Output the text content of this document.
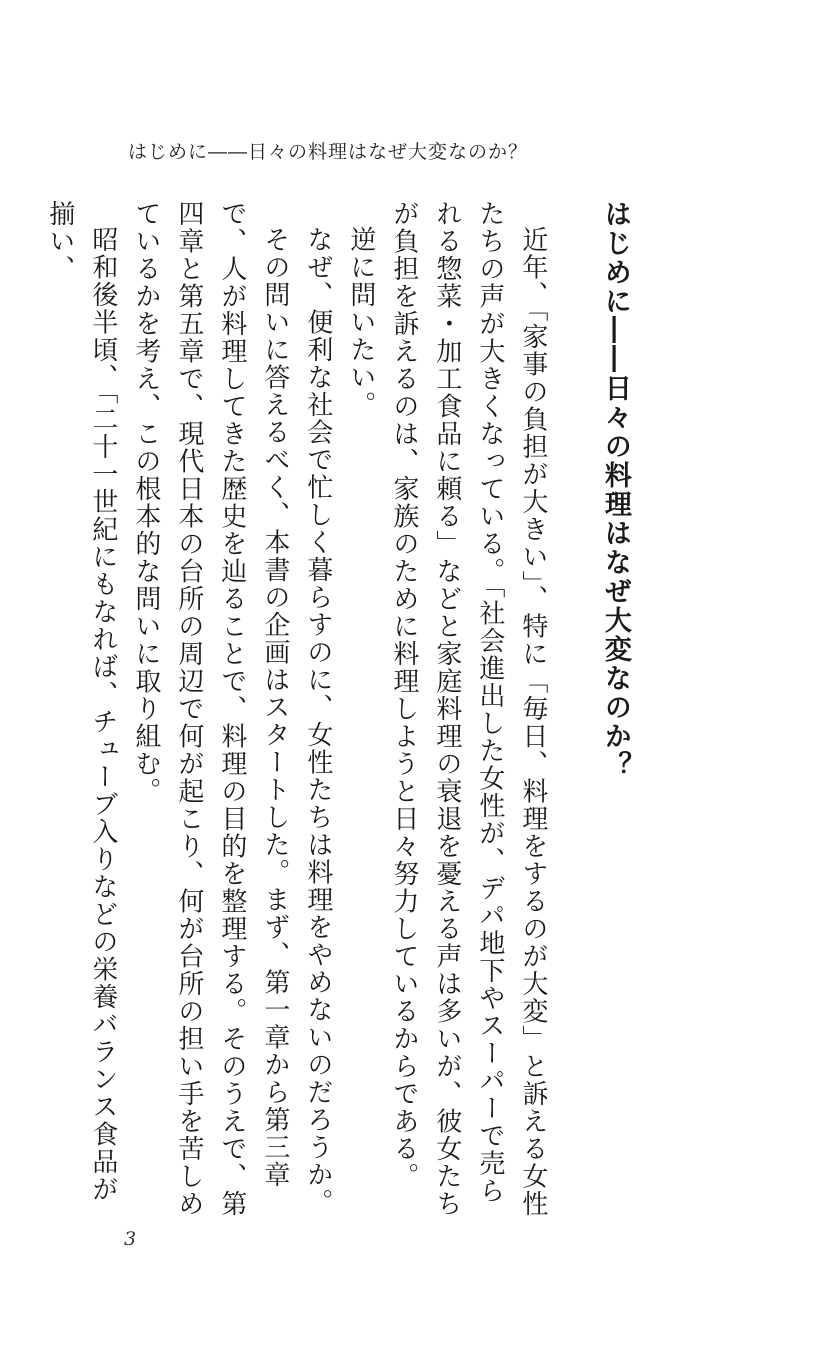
はじめに――日々の料理はなぜ大変なのか？
はじめに――日々の料理はなぜ大変なのか？

近年、「家事の負担が大きい」、特に「毎日、料理をするのが大変」と訴える女性たちの声が大きくなっている。「社会進出した女性が、デパ地下やスーパーで売られる惣菜・加工食品に頼る」などと家庭料理の衰退を憂える声は多いが、彼女たちが負担を訴えるのは、家族のために料理しようと日々努力しているからである。

逆に問いたい。

なぜ、便利な社会で忙しく暮らすのに、女性たちは料理をやめないのだろうか。

その問いに答えるべく、本書の企画はスタートした。まず、第一章から第三章で、人が料理してきた歴史を辿ることで、料理の目的を整理する。そのうえで、第四章と第五章で、現代日本の台所の周辺で何が起こり、何が台所の担い手を苦しめているかを考え、この根本的な問いに取り組む。

昭和後半頃、「二十一世紀にもなれば、チューブ入りなどの栄養バランス食品が揃い、

3
